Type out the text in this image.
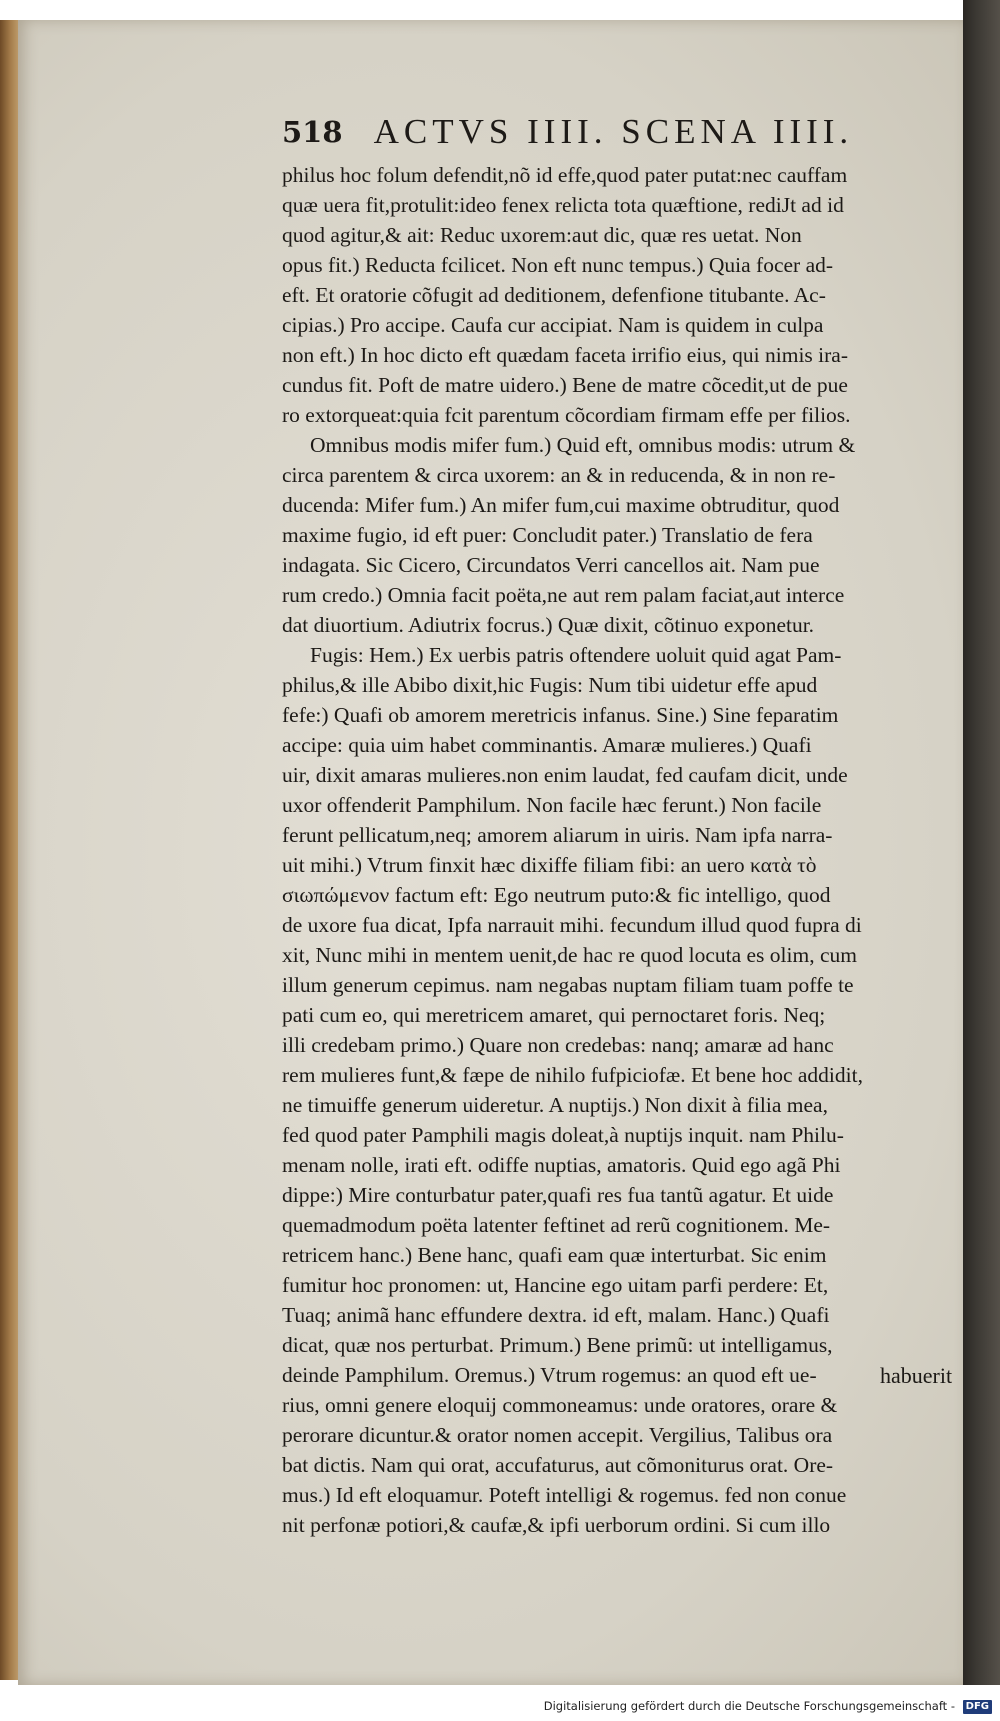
518 ACTVS IIII. SCENA IIII.
philus hoc folum defendit,nõ id effe,quod pater putat:nec cauffam
quæ uera fit,protulit:ideo fenex relicta tota quæftione, rediJt ad id
quod agitur,& ait: Reduc uxorem:aut dic, quæ res uetat. Non
opus fit.) Reducta fcilicet. Non eft nunc tempus.) Quia focer ad-
eft. Et oratorie cõfugit ad deditionem, defenfione titubante. Ac-
cipias.) Pro accipe. Caufa cur accipiat. Nam is quidem in culpa
non eft.) In hoc dicto eft quædam faceta irrifio eius, qui nimis ira-
cundus fit. Poft de matre uidero.) Bene de matre cõcedit,ut de pue
ro extorqueat:quia fcit parentum cõcordiam firmam effe per filios.
Omnibus modis mifer fum.) Quid eft, omnibus modis: utrum &
circa parentem & circa uxorem: an & in reducenda, & in non re-
ducenda: Mifer fum.) An mifer fum,cui maxime obtruditur, quod
maxime fugio, id eft puer: Concludit pater.) Translatio de fera
indagata. Sic Cicero, Circundatos Verri cancellos ait. Nam pue
rum credo.) Omnia facit poëta,ne aut rem palam faciat,aut interce
dat diuortium. Adiutrix focrus.) Quæ dixit, cõtinuo exponetur.
Fugis: Hem.) Ex uerbis patris oftendere uoluit quid agat Pam-
philus,& ille Abibo dixit,hic Fugis: Num tibi uidetur effe apud
fefe:) Quafi ob amorem meretricis infanus. Sine.) Sine feparatim
accipe: quia uim habet comminantis. Amaræ mulieres.) Quafi
uir, dixit amaras mulieres.non enim laudat, fed caufam dicit, unde
uxor offenderit Pamphilum. Non facile hæc ferunt.) Non facile
ferunt pellicatum,neq; amorem aliarum in uiris. Nam ipfa narra-
uit mihi.) Vtrum finxit hæc dixiffe filiam fibi: an uero κατὰ τὸ
σιωπώμενον factum eft: Ego neutrum puto:& fic intelligo, quod
de uxore fua dicat, Ipfa narrauit mihi. fecundum illud quod fupra di
xit, Nunc mihi in mentem uenit,de hac re quod locuta es olim, cum
illum generum cepimus. nam negabas nuptam filiam tuam poffe te
pati cum eo, qui meretricem amaret, qui pernoctaret foris. Neq;
illi credebam primo.) Quare non credebas: nanq; amaræ ad hanc
rem mulieres funt,& fæpe de nihilo fufpiciofæ. Et bene hoc addidit,
ne timuiffe generum uideretur. A nuptijs.) Non dixit à filia mea,
fed quod pater Pamphili magis doleat,à nuptijs inquit. nam Philu-
menam nolle, irati eft. odiffe nuptias, amatoris. Quid ego agã Phi
dippe:) Mire conturbatur pater,quafi res fua tantũ agatur. Et uide
quemadmodum poëta latenter feftinet ad rerũ cognitionem. Me-
retricem hanc.) Bene hanc, quafi eam quæ interturbat. Sic enim
fumitur hoc pronomen: ut, Hancine ego uitam parfi perdere: Et,
Tuaq; animã hanc effundere dextra. id eft, malam. Hanc.) Quafi
dicat, quæ nos perturbat. Primum.) Bene primũ: ut intelligamus,
deinde Pamphilum. Oremus.) Vtrum rogemus: an quod eft ue-
rius, omni genere eloquij commoneamus: unde oratores, orare &
perorare dicuntur.& orator nomen accepit. Vergilius, Talibus ora
bat dictis. Nam qui orat, accufaturus, aut cõmoniturus orat. Ore-
mus.) Id eft eloquamur. Poteft intelligi & rogemus. fed non conue
nit perfonæ potiori,& caufæ,& ipfi uerborum ordini. Si cum illo
habuerit
Digitalisierung gefördert durch die Deutsche Forschungsgemeinschaft - DFG
